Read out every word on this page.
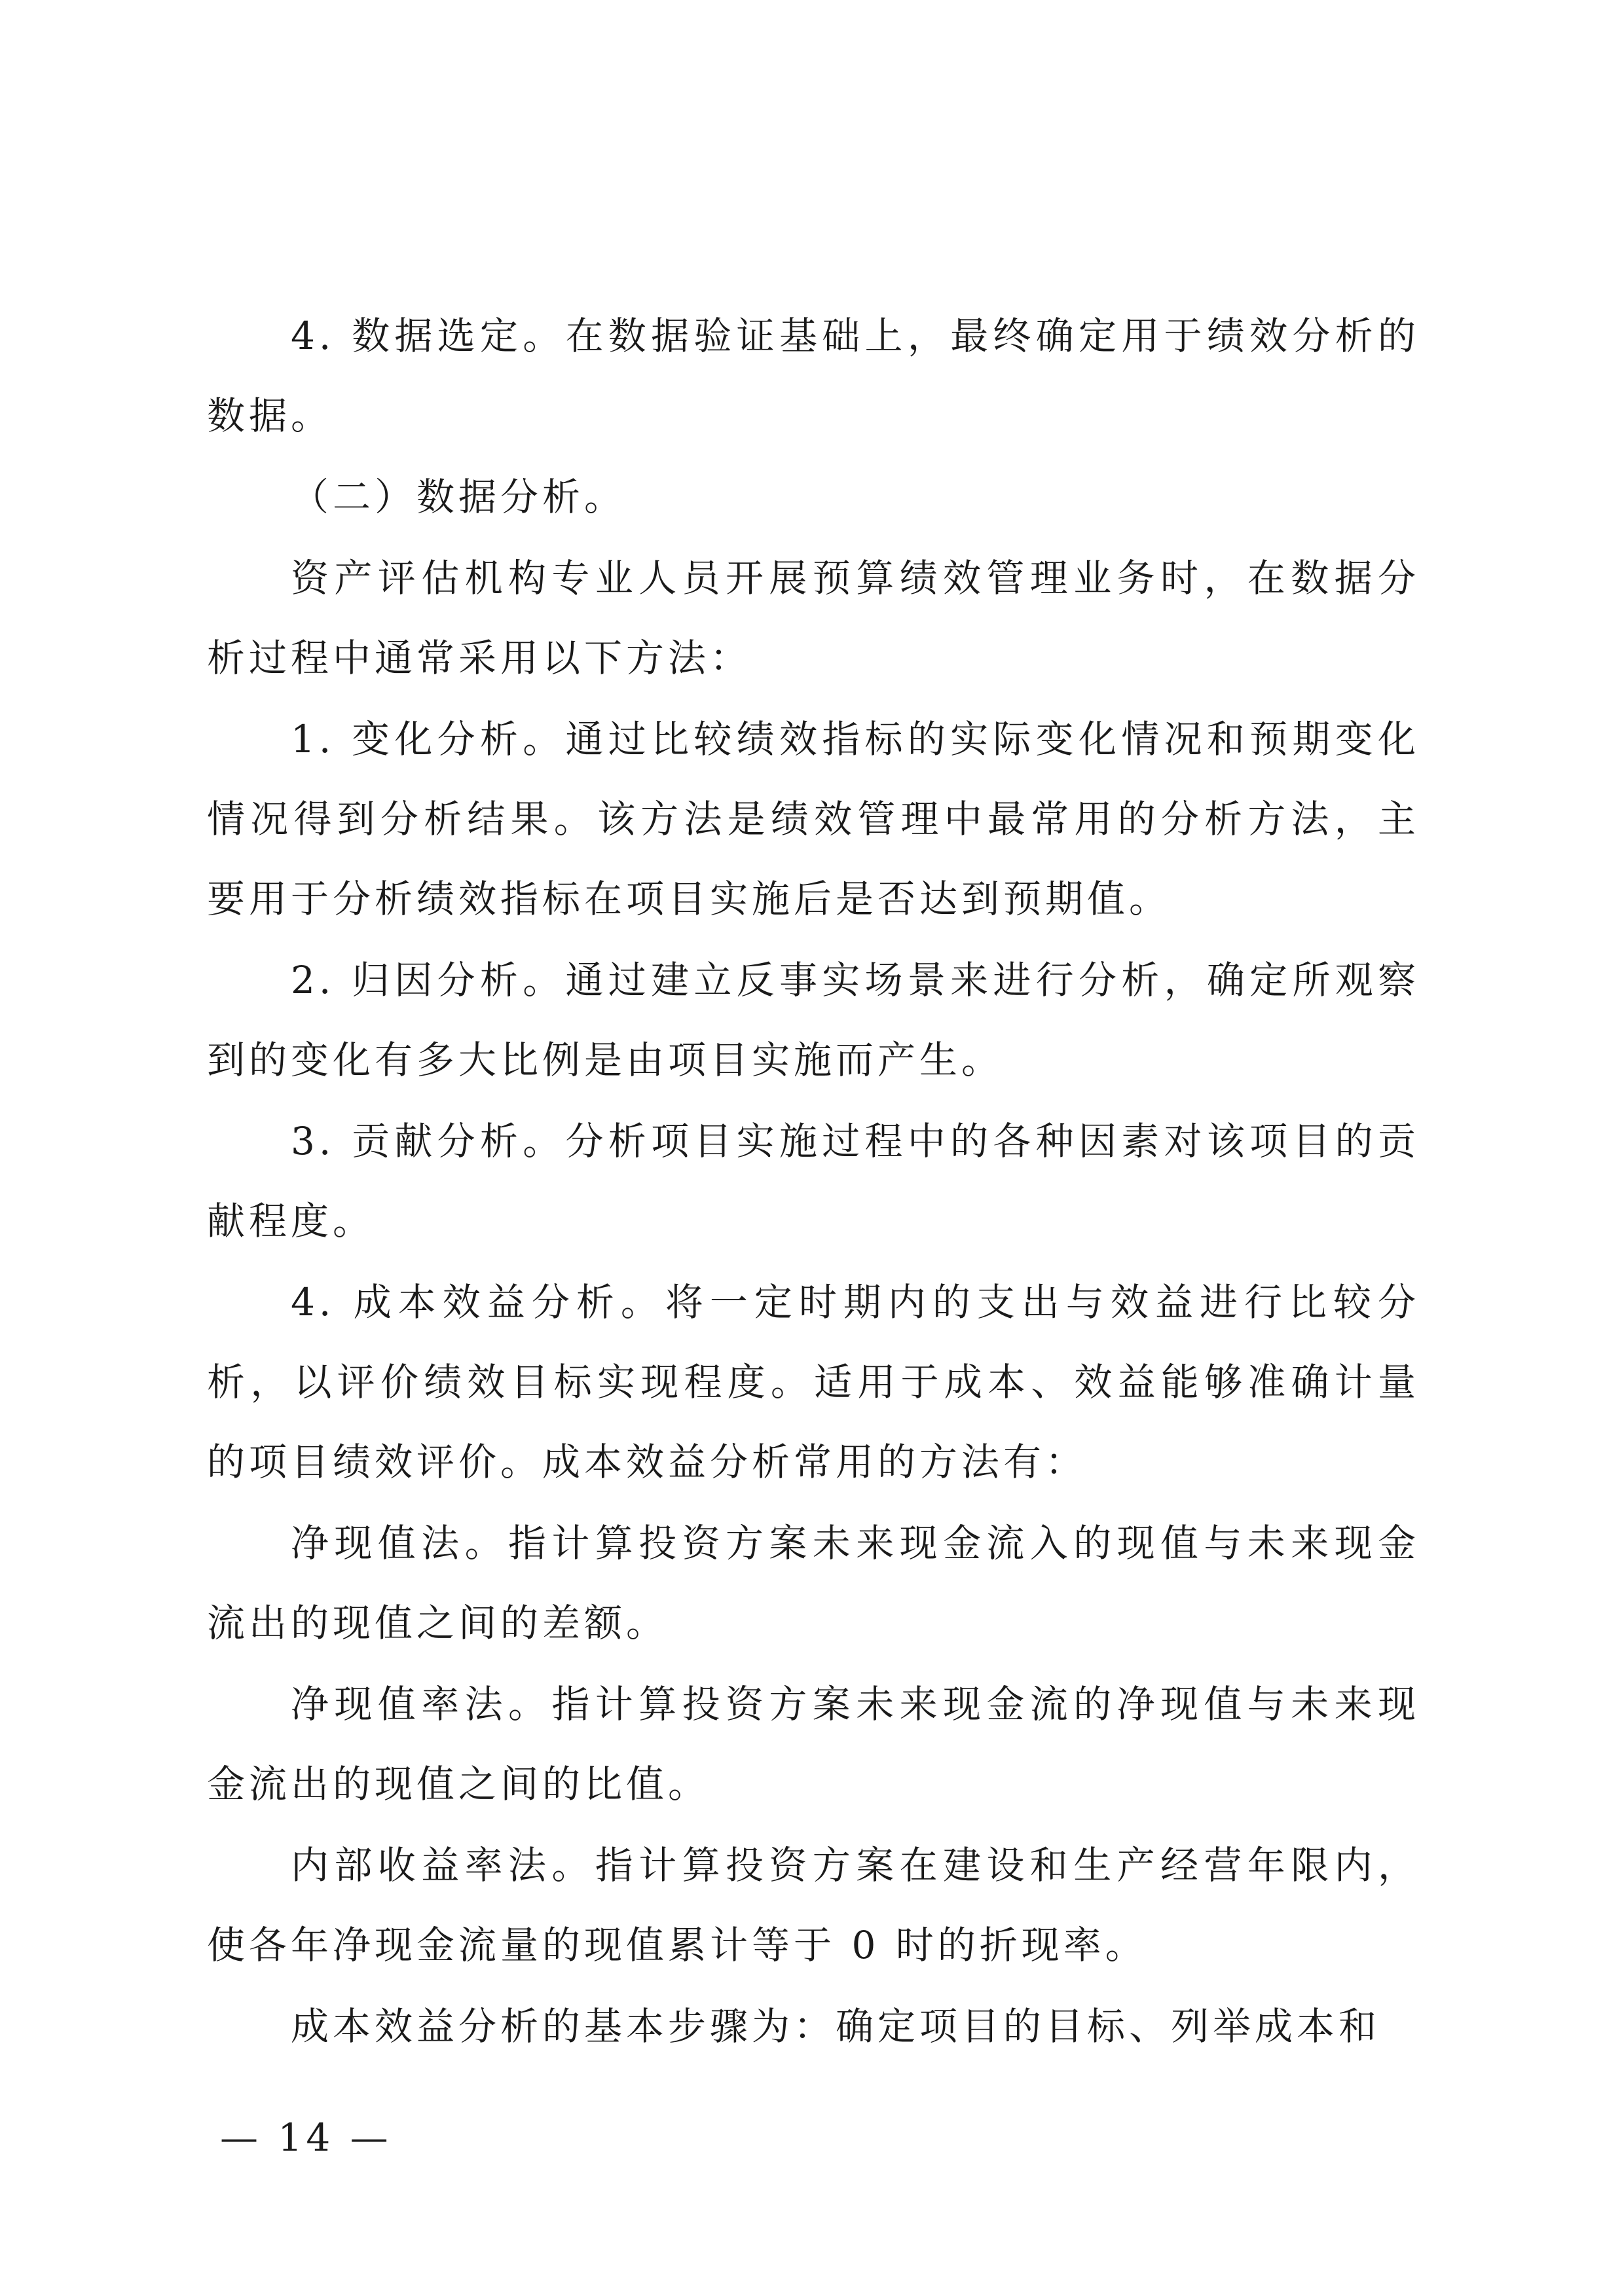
4. 数据选定。在数据验证基础上，最终确定用于绩效分析的数据。

（二）数据分析。

资产评估机构专业人员开展预算绩效管理业务时，在数据分析过程中通常采用以下方法：

1. 变化分析。通过比较绩效指标的实际变化情况和预期变化情况得到分析结果。该方法是绩效管理中最常用的分析方法，主要用于分析绩效指标在项目实施后是否达到预期值。

2. 归因分析。通过建立反事实场景来进行分析，确定所观察到的变化有多大比例是由项目实施而产生。

3. 贡献分析。分析项目实施过程中的各种因素对该项目的贡献程度。

4. 成本效益分析。将一定时期内的支出与效益进行比较分析，以评价绩效目标实现程度。适用于成本、效益能够准确计量的项目绩效评价。成本效益分析常用的方法有：

净现值法。指计算投资方案未来现金流入的现值与未来现金流出的现值之间的差额。

净现值率法。指计算投资方案未来现金流的净现值与未来现金流出的现值之间的比值。

内部收益率法。指计算投资方案在建设和生产经营年限内，使各年净现金流量的现值累计等于 0 时的折现率。

成本效益分析的基本步骤为：确定项目的目标、列举成本和

— 14 —
